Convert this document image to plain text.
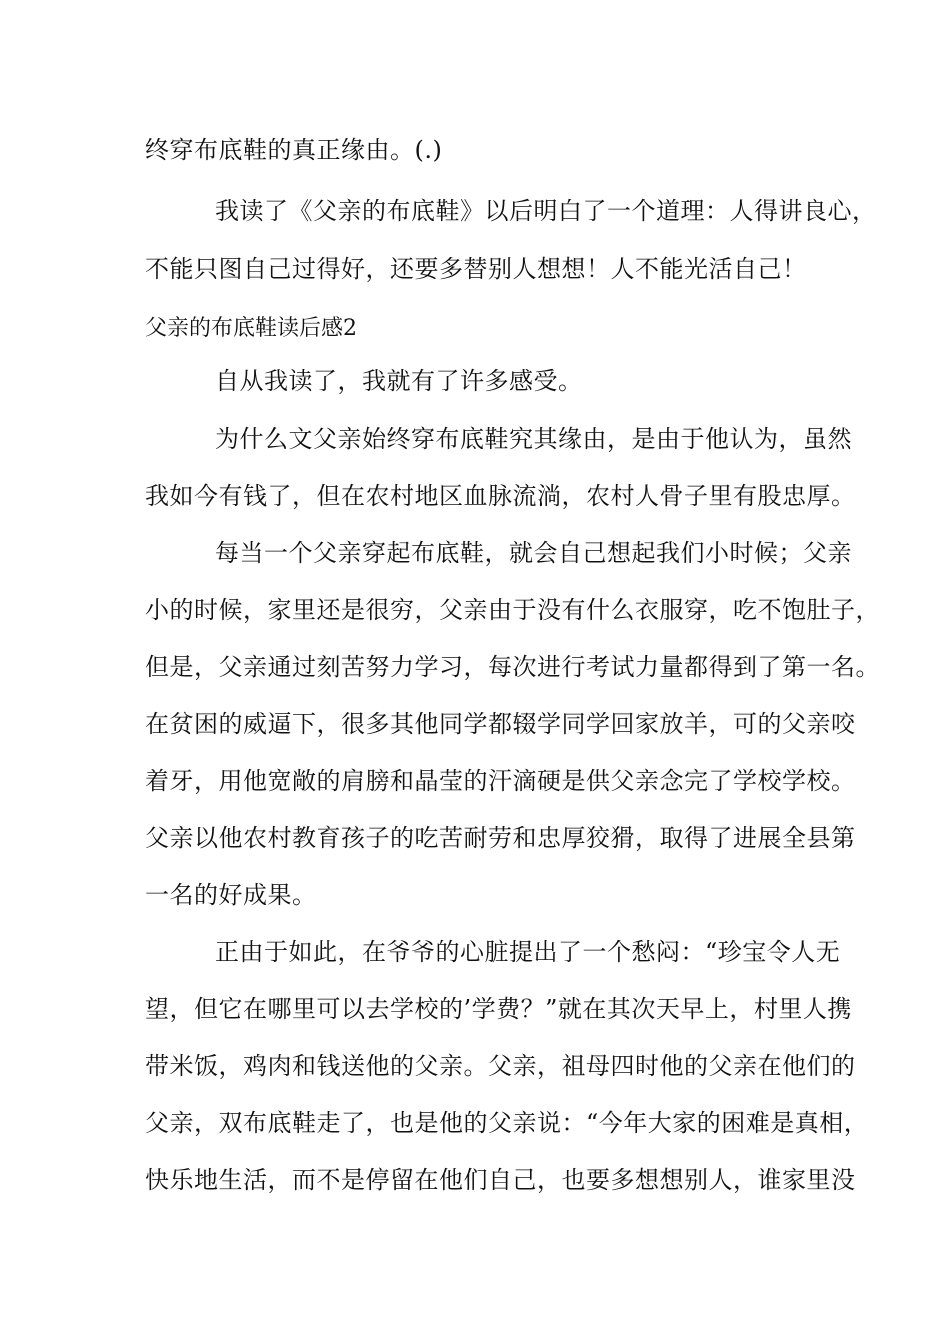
终穿布底鞋的真正缘由。(.)
我读了《父亲的布底鞋》以后明白了一个道理：人得讲良心，
不能只图自己过得好，还要多替别人想想！人不能光活自己！
父亲的布底鞋读后感2
自从我读了，我就有了许多感受。
为什么文父亲始终穿布底鞋究其缘由，是由于他认为，虽然
我如今有钱了，但在农村地区血脉流淌，农村人骨子里有股忠厚。
每当一个父亲穿起布底鞋，就会自己想起我们小时候；父亲
小的时候，家里还是很穷，父亲由于没有什么衣服穿，吃不饱肚子，
但是，父亲通过刻苦努力学习，每次进行考试力量都得到了第一名。
在贫困的威逼下，很多其他同学都辍学同学回家放羊，可的父亲咬
着牙，用他宽敞的肩膀和晶莹的汗滴硬是供父亲念完了学校学校。
父亲以他农村教育孩子的吃苦耐劳和忠厚狡猾，取得了进展全县第
一名的好成果。
正由于如此，在爷爷的心脏提出了一个愁闷：“珍宝令人无
望，但它在哪里可以去学校的’学费？”就在其次天早上，村里人携
带米饭，鸡肉和钱送他的父亲。父亲，祖母四时他的父亲在他们的
父亲，双布底鞋走了，也是他的父亲说：“今年大家的困难是真相，
快乐地生活，而不是停留在他们自己，也要多想想别人，谁家里没
